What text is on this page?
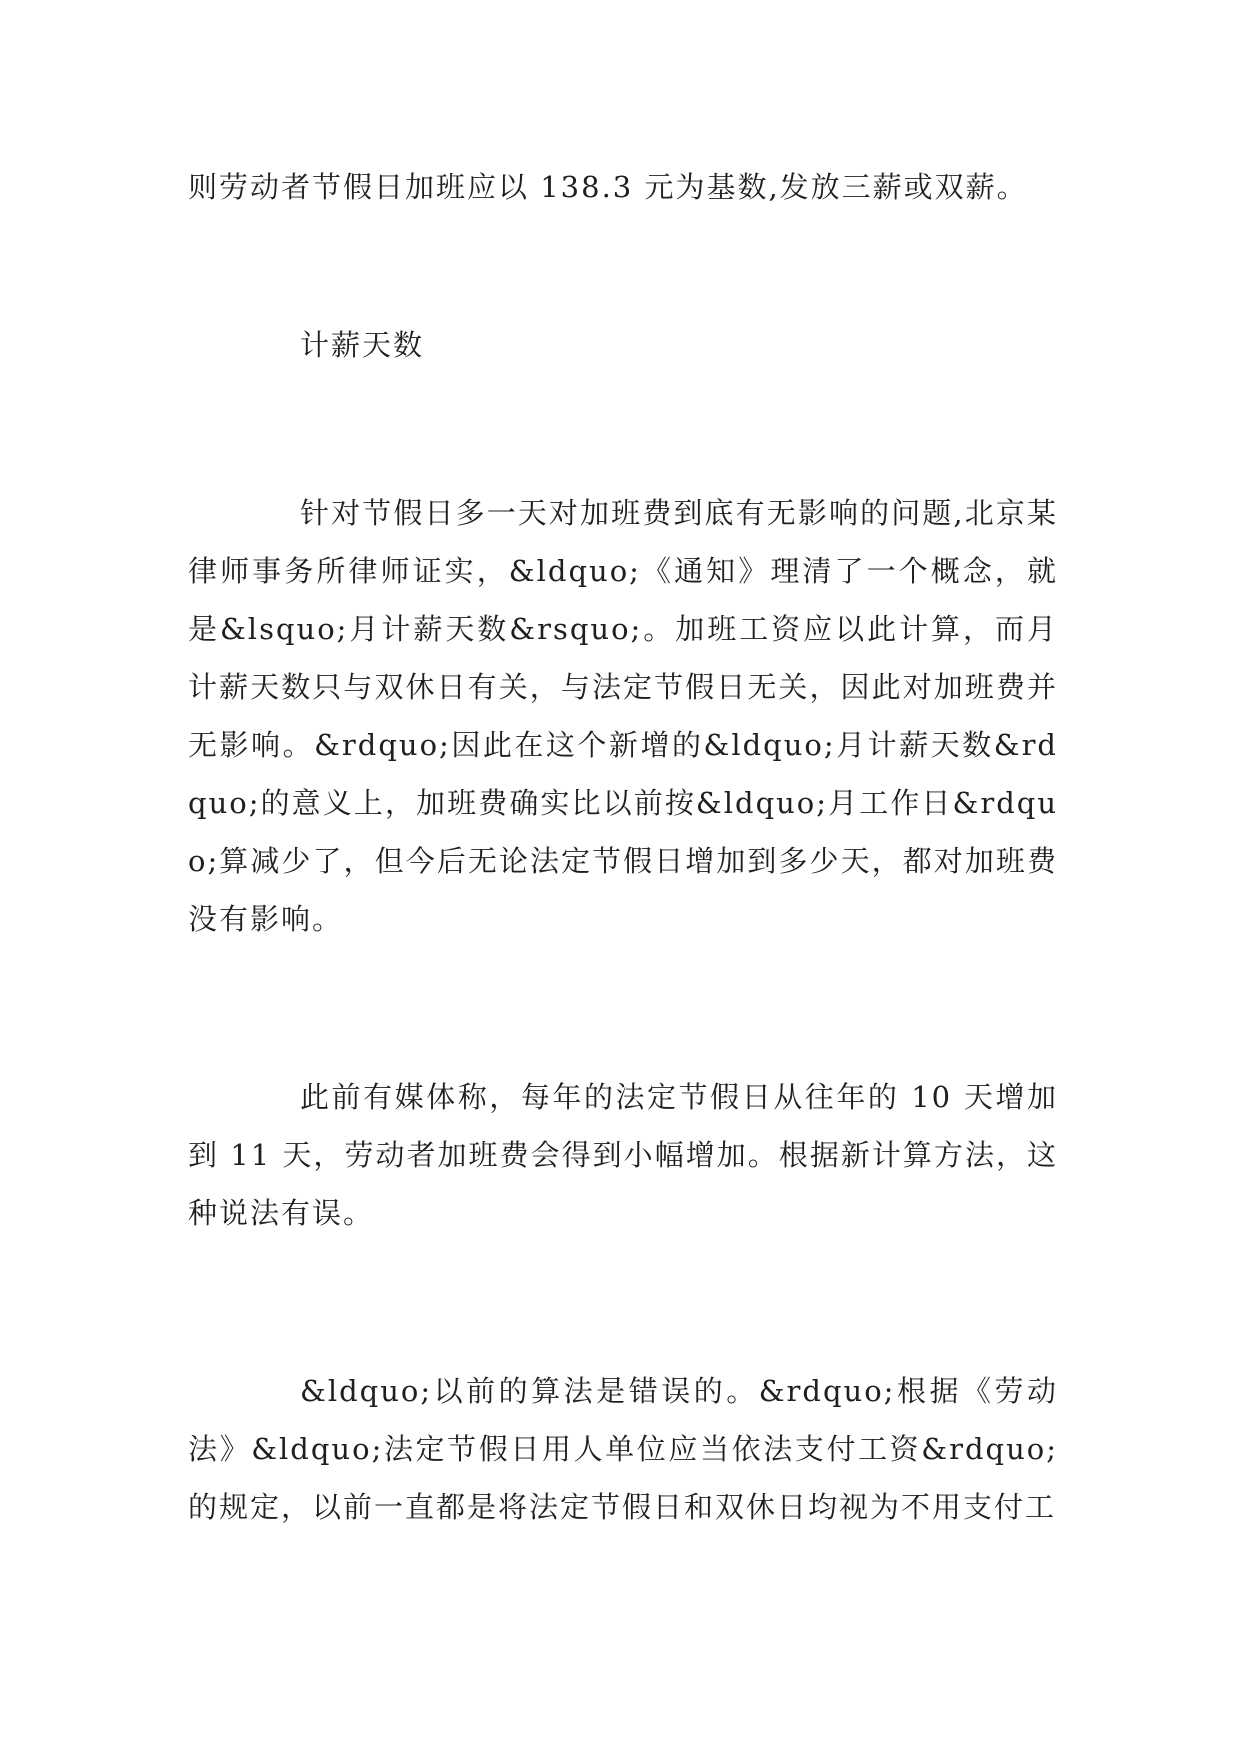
则劳动者节假日加班应以 138.3 元为基数,发放三薪或双薪。

计薪天数

针对节假日多一天对加班费到底有无影响的问题,北京某律师事务所律师证实，&ldquo;《通知》理清了一个概念，就是&lsquo;月计薪天数&rsquo;。加班工资应以此计算，而月计薪天数只与双休日有关，与法定节假日无关，因此对加班费并无影响。&rdquo;因此在这个新增的&ldquo;月计薪天数&rdquo;的意义上，加班费确实比以前按&ldquo;月工作日&rdquo;算减少了，但今后无论法定节假日增加到多少天，都对加班费没有影响。

此前有媒体称，每年的法定节假日从往年的 10 天增加到 11 天，劳动者加班费会得到小幅增加。根据新计算方法，这种说法有误。

&ldquo;以前的算法是错误的。&rdquo;根据《劳动法》&ldquo;法定节假日用人单位应当依法支付工资&rdquo;的规定，以前一直都是将法定节假日和双休日均视为不用支付工
